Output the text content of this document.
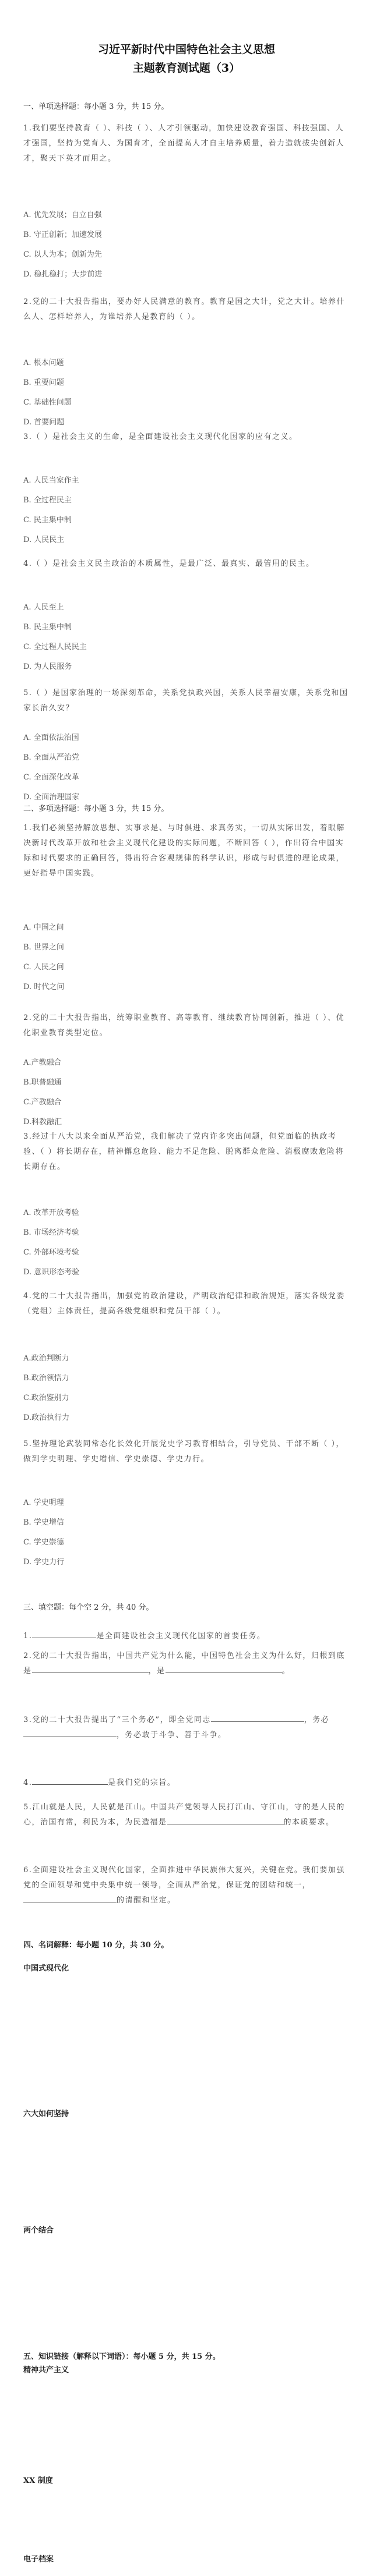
习近平新时代中国特色社会主义思想
主题教育测试题（3）
一、单项选择题：每小题 3 分，共 15 分。
1.我们要坚持教育（ ）、科技（ ）、人才引领驱动，加快建设教育强国、科技强国、人才强国，坚持为党育人、为国育才，全面提高人才自主培养质量，着力造就拔尖创新人才，聚天下英才而用之。
A. 优先发展；自立自强
B. 守正创新；加速发展
C. 以人为本；创新为先
D. 稳扎稳打；大步前进
2.党的二十大报告指出，要办好人民满意的教育。教育是国之大计，党之大计。培养什么人、怎样培养人，为谁培养人是教育的（ ）。
A. 根本问题
B. 重要问题
C. 基础性问题
D. 首要问题
3.（ ）是社会主义的生命，是全面建设社会主义现代化国家的应有之义。
A. 人民当家作主
B. 全过程民主
C. 民主集中制
D. 人民民主
4.（ ）是社会主义民主政治的本质属性，是最广泛、最真实、最管用的民主。
A. 人民至上
B. 民主集中制
C. 全过程人民民主
D. 为人民服务
5.（ ）是国家治理的一场深刻革命，关系党执政兴国，关系人民幸福安康，关系党和国家长治久安？
A. 全面依法治国
B. 全面从严治党
C. 全面深化改革
D. 全面治理国家
二、多项选择题：每小题 3 分，共 15 分。
1.我们必须坚持解放思想、实事求是、与时俱进、求真务实，一切从实际出发，着眼解决新时代改革开放和社会主义现代化建设的实际问题，不断回答（ ），作出符合中国实际和时代要求的正确回答，得出符合客观规律的科学认识，形成与时俱进的理论成果，更好指导中国实践。
A. 中国之问
B. 世界之问
C. 人民之问
D. 时代之问
2.党的二十大报告指出，统筹职业教育、高等教育、继续教育协同创新，推进（ ）、优化职业教育类型定位。
A.产教融合
B.职普融通
C.产教融合
D.科教融汇
3.经过十八大以来全面从严治党，我们解决了党内许多突出问题，但党面临的执政考验、（ ）将长期存在，精神懈怠危险、能力不足危险、脱离群众危险、消极腐败危险将长期存在。
A. 改革开放考验
B. 市场经济考验
C. 外部环境考验
D. 意识形态考验
4.党的二十大报告指出，加强党的政治建设，严明政治纪律和政治规矩，落实各级党委（党组）主体责任，提高各级党组织和党员干部（ ）。
A.政治判断力
B.政治领悟力
C.政治鉴别力
D.政治执行力
5.坚持理论武装同常态化长效化开展党史学习教育相结合，引导党员、干部不断（ ），做到学史明理、学史增信、学史崇德、学史力行。
A. 学史明理
B. 学史增信
C. 学史崇德
D. 学史力行
三、填空题：每个空 2 分，共 40 分。
1.	是全面建设社会主义现代化国家的首要任务。
2.党的二十大报告指出，中国共产党为什么能，中国特色社会主义为什么好，归根到底是	，是	。
3.党的二十大报告提出了“三个务必”，即全党同志	，务必，务必敢于斗争、善于斗争。
4.	是我们党的宗旨。
5.江山就是人民，人民就是江山。中国共产党领导人民打江山、守江山，守的是人民的心，治国有常，利民为本，为民造福是	的本质要求。
6.全面建设社会主义现代化国家，全面推进中华民族伟大复兴，关键在党。我们要加强党的全面领导和党中央集中统一领导，全面从严治党，保证党的团结和统一，的清醒和坚定。
四、名词解释：每小题 10 分，共 30 分。
中国式现代化
六大如何坚持
两个结合
五、知识链接（解释以下词语）：每小题 5 分，共 15 分。
精神共产主义
XX 制度
电子档案
